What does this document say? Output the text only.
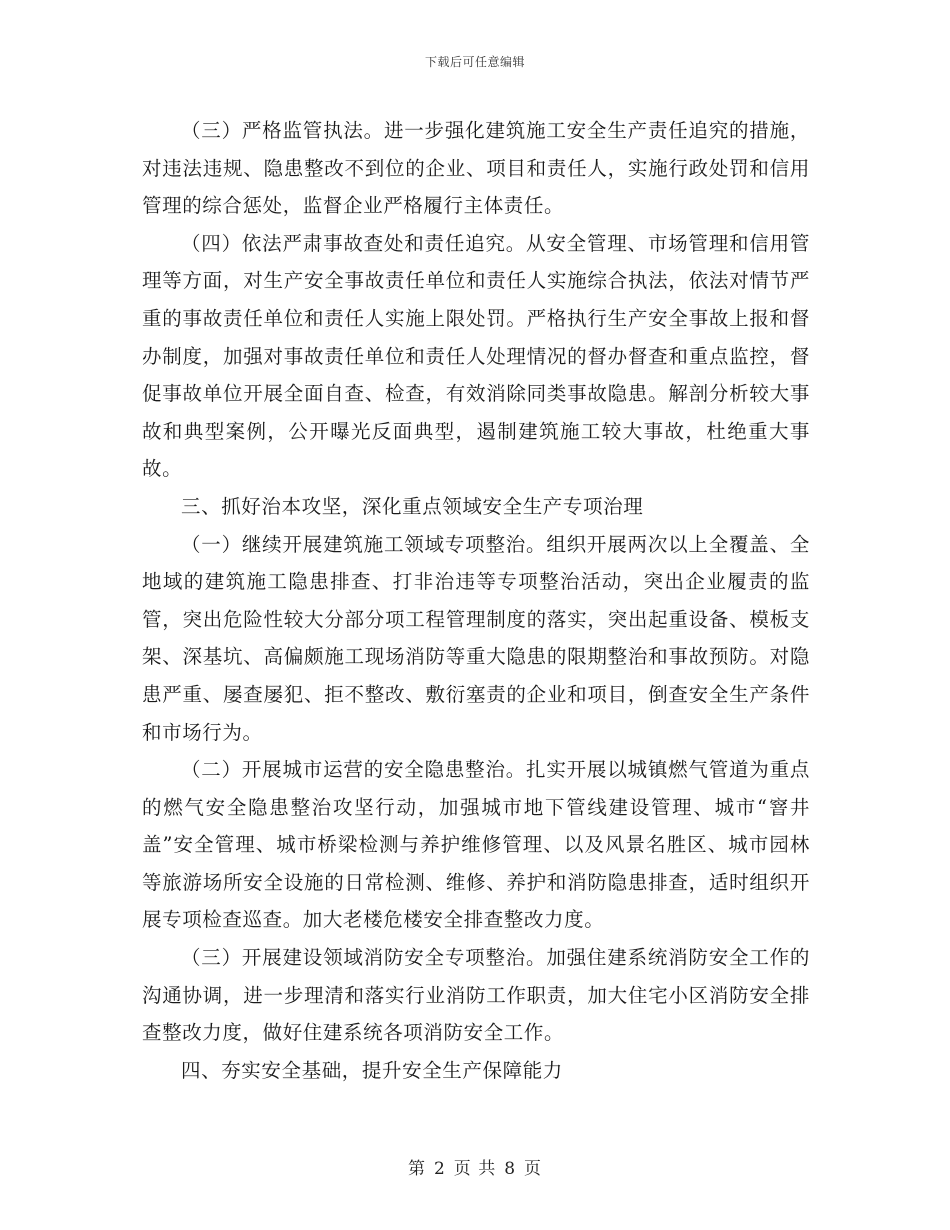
下载后可任意编辑

（三）严格监管执法。进一步强化建筑施工安全生产责任追究的措施，对违法违规、隐患整改不到位的企业、项目和责任人，实施行政处罚和信用管理的综合惩处，监督企业严格履行主体责任。

（四）依法严肃事故查处和责任追究。从安全管理、市场管理和信用管理等方面，对生产安全事故责任单位和责任人实施综合执法，依法对情节严重的事故责任单位和责任人实施上限处罚。严格执行生产安全事故上报和督办制度，加强对事故责任单位和责任人处理情况的督办督查和重点监控，督促事故单位开展全面自查、检查，有效消除同类事故隐患。解剖分析较大事故和典型案例，公开曝光反面典型，遏制建筑施工较大事故，杜绝重大事故。

三、抓好治本攻坚，深化重点领域安全生产专项治理

（一）继续开展建筑施工领域专项整治。组织开展两次以上全覆盖、全地域的建筑施工隐患排查、打非治违等专项整治活动，突出企业履责的监管，突出危险性较大分部分项工程管理制度的落实，突出起重设备、模板支架、深基坑、高偏颇施工现场消防等重大隐患的限期整治和事故预防。对隐患严重、屡查屡犯、拒不整改、敷衍塞责的企业和项目，倒查安全生产条件和市场行为。

（二）开展城市运营的安全隐患整治。扎实开展以城镇燃气管道为重点的燃气安全隐患整治攻坚行动，加强城市地下管线建设管理、城市“窨井盖”安全管理、城市桥梁检测与养护维修管理、以及风景名胜区、城市园林等旅游场所安全设施的日常检测、维修、养护和消防隐患排查，适时组织开展专项检查巡查。加大老楼危楼安全排查整改力度。

（三）开展建设领域消防安全专项整治。加强住建系统消防安全工作的沟通协调，进一步理清和落实行业消防工作职责，加大住宅小区消防安全排查整改力度，做好住建系统各项消防安全工作。

四、夯实安全基础，提升安全生产保障能力

第 2 页 共 8 页
